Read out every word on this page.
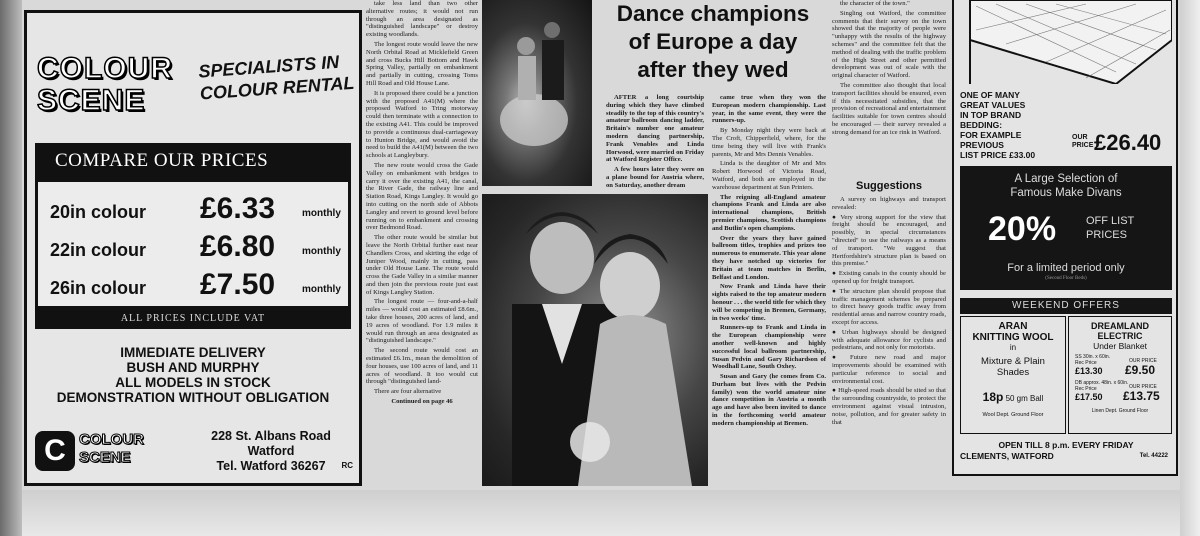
COLOUR
SCENE
SPECIALISTS IN COLOUR RENTAL
COMPARE OUR PRICES
20in colour £6.33	monthly
22in colour £6.80	monthly
26in colour £7.50	monthly
ALL PRICES INCLUDE VAT
IMMEDIATE DELIVERY
BUSH AND MURPHY
ALL MODELS IN STOCK
DEMONSTRATION WITHOUT OBLIGATION
C COLOUR
SCENE
228 St. Albans Road
Watford
Tel. Watford 36267	RC

take less land than two other alternative routes; it would not run through an area designated as "distinguished landscape" or destroy existing woodlands.

The longest route would leave the new North Orbital Road at Micklefield Green and cross Bucks Hill Bottom and Hawk Spring Valley, partially on embankment and partially in cutting, crossing Toms Hill Road and Old House Lane.

It is proposed there could be a junction with the proposed A41(M) where the proposed Watford to Tring motorway could then terminate with a connection to the existing A41. This could be improved to provide a continuous dual-carriageway to Hunton Bridge, and would avoid the need to build the A41(M) between the two schools at Langleybury.

The new route would cross the Gade Valley on embankment with bridges to carry it over the existing A41, the canal, the River Gade, the railway line and Station Road, Kings Langley. It would go into cutting on the north side of Abbots Langley and revert to ground level before running on to embankment and crossing over Bedmond Road.

The other route would be similar but leave the North Orbital further east near Chandlers Cross, and skirting the edge of Juniper Wood, mainly in cutting, pass under Old House Lane. The route would cross the Gade Valley in a similar manner and then join the previous route just east of Kings Langley Station.

The longest route — four-and-a-half miles — would cost an estimated £8.6m., take three houses, 200 acres of land, and 19 acres of woodland. For 1.9 miles it would run through an area designated as "distinguished landscape."

The second route would cost an estimated £6.1m., mean the demolition of four houses, use 100 acres of land, and 11 acres of woodland. It too would cut through "distinguished land-

There are four alternative

Continued on page 46

Dance champions
of Europe a day
after they wed

AFTER a long courtship during which they have climbed steadily to the top of this country's amateur ballroom dancing ladder, Britain's number one amateur modern dancing partnership, Frank Venables and Linda Horwood, were married on Friday at Watford Register Office.

A few hours later they were on a plane bound for Austria where, on Saturday, another dream

came true when they won the European modern championship. Last year, in the same event, they were the runners-up.

By Monday night they were back at The Croft, Chipperfield, where, for the time being they will live with Frank's parents, Mr and Mrs Dennis Venables.

Linda is the daughter of Mr and Mrs Robert Horwood of Victoria Road, Watford, and both are employed in the warehouse department at Sun Printers.

The reigning all-England amateur champions Frank and Linda are also international champions, British premier champions, Scottish champions and Butlin's open champions.

Over the years they have gained ballroom titles, trophies and prizes too numerous to enumerate. This year alone they have notched up victories for Britain at team matches in Berlin, Belfast and London.

Now Frank and Linda have their sights raised to the top amateur modern honour . . . the world title for which they will be competing in Bremen, Germany, in two weeks' time.

Runners-up to Frank and Linda in the European championship were another well-known and highly successful local ballroom partnership, Susan Pedvin and Gary Richardson of Woodhall Lane, South Oxhey.

Susan and Gary (he comes from Co. Durham but lives with the Pedvin family) won the world amateur nine dance competition in Austria a month ago and have also been invited to dance in the forthcoming world amateur modern championship at Bremen.

the character of the town."

Singling out Watford, the committee comments that their survey on the town showed that the majority of people were "unhappy with the results of the highway schemes" and the committee felt that the method of dealing with the traffic problem of the High Street and other permitted development was out of scale with the original character of Watford.

The committee also thought that local transport facilities should be ensured, even if this necessitated subsidies, that the provision of recreational and entertainment facilities suitable for town centres should be encouraged — their survey revealed a strong demand for an ice rink in Watford.

Suggestions

A survey on highways and transport revealed:

● Very strong support for the view that freight should be encouraged, and possibly, in special circumstances "directed" to use the railways as a means of transport. "We suggest that Hertfordshire's structure plan is based on this premise."

● Existing canals in the county should be opened up for freight transport.

● The structure plan should propose that traffic management schemes be prepared to direct heavy goods traffic away from residential areas and narrow country roads, except for access.

● Urban highways should be designed with adequate allowance for cyclists and pedestrians, and not only for motorists.

● Future new road and major improvements should be examined with particular reference to social and environmental cost.

● High-speed roads should be sited so that the surrounding countryside, to protect the environment against visual intrusion, noise, pollution, and for greater safety in that

ONE OF MANY
GREAT VALUES
IN TOP BRAND
BEDDING:
FOR EXAMPLE
PREVIOUS
LIST PRICE £33.00
OUR
PRICE £26.40
A Large Selection of
Famous Make Divans
20%	OFF LIST
PRICES
For a limited period only
(Second Floor Beds)
WEEKEND OFFERS
ARAN
KNITTING WOOL
in
Mixture & Plain
Shades
18p 50 gm Ball
Wool Dept. Ground Floor
DREAMLAND
ELECTRIC
Under Blanket
SS 30in. x 60in.
Rec Price
£13.30
OUR PRICE
£9.50
DB approx. 48in. x 60in.
Rec Price
£17.50
OUR PRICE
£13.75
Linen Dept. Ground Floor
OPEN TILL 8 p.m. EVERY FRIDAY
CLEMENTS, WATFORD	Tel. 44222
